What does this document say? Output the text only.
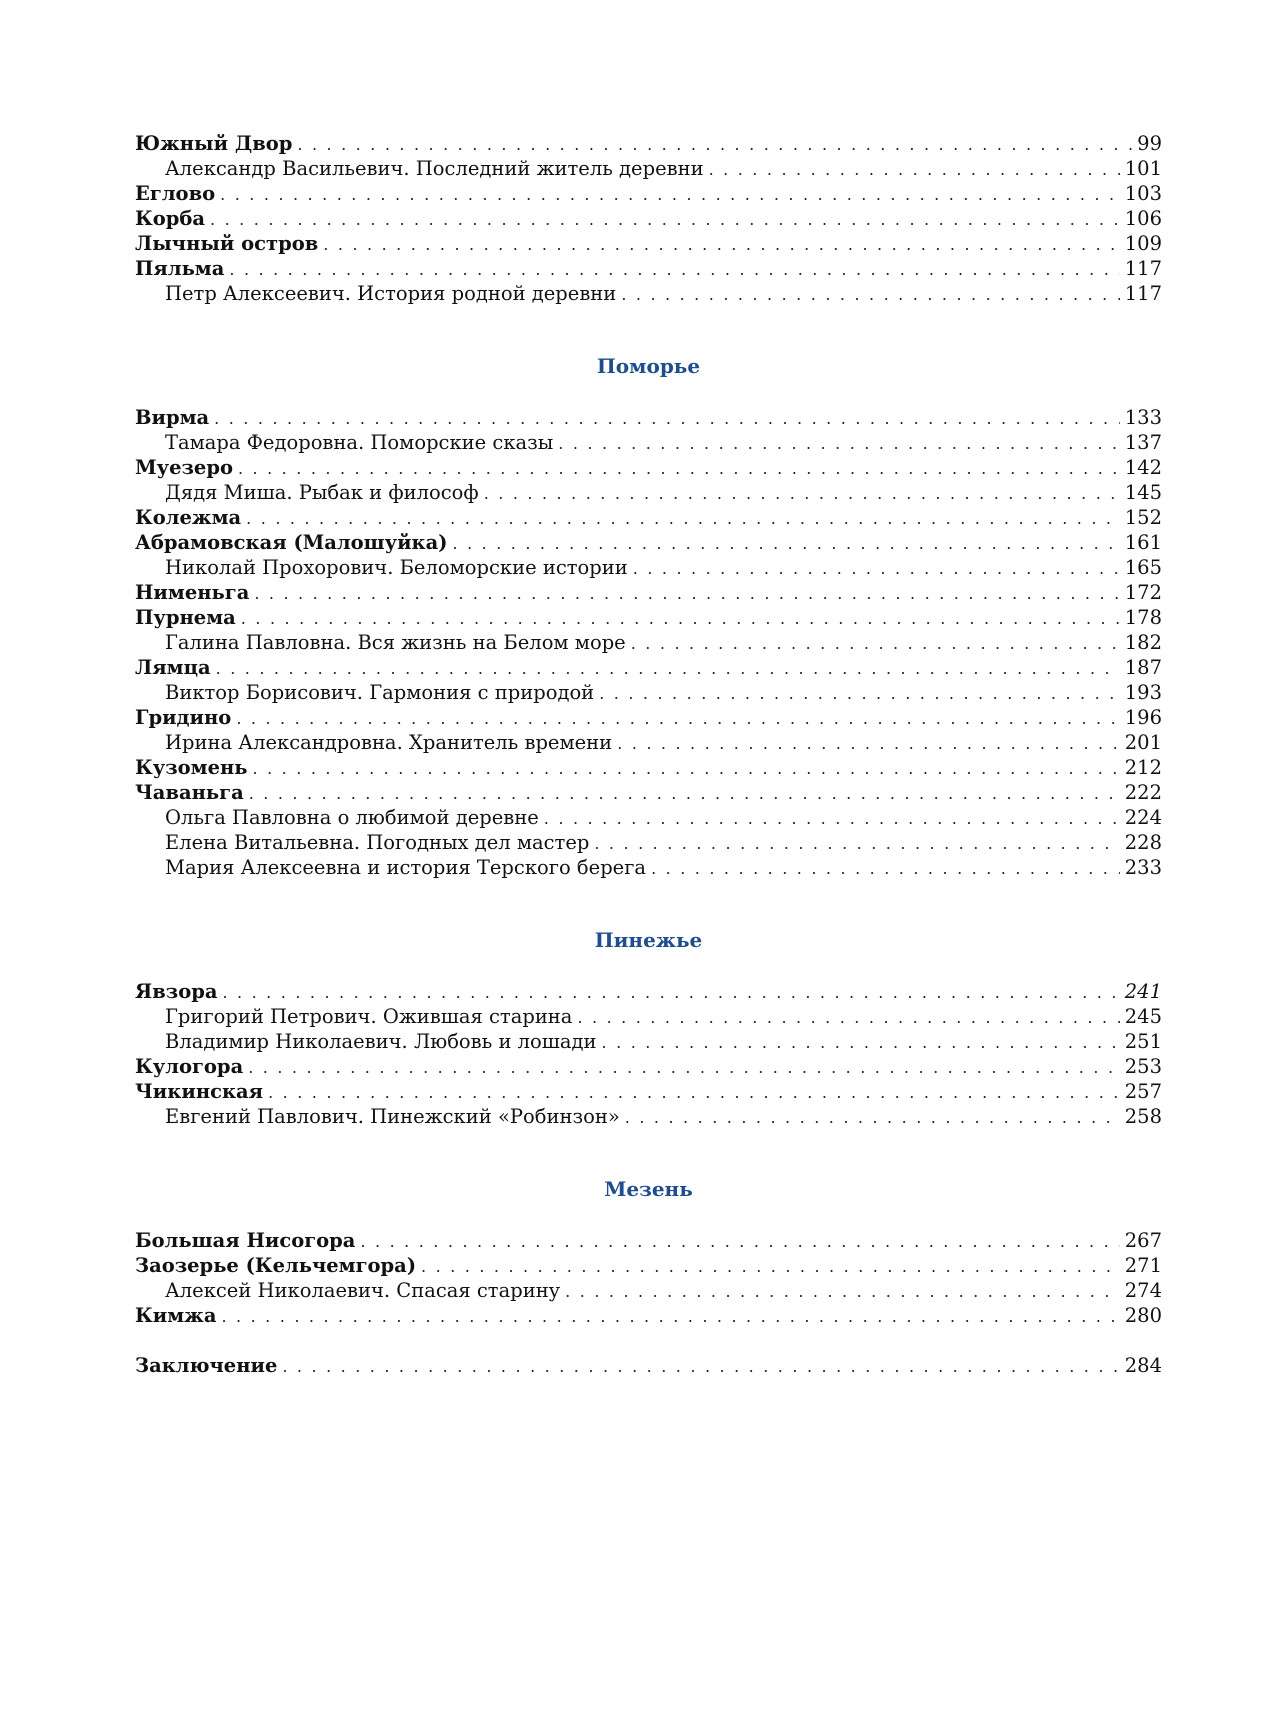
Южный Двор . . .	99
Александр Васильевич. Последний житель деревни . . .	101
Еглово . . .	103
Корба . . .	106
Лычный остров . . .	109
Пяльма . . .	117
Петр Алексеевич. История родной деревни . . .	117
Поморье
Вирма . . .	133
Тамара Федоровна. Поморские сказы . . .	137
Муезеро . . .	142
Дядя Миша. Рыбак и философ . . .	145
Колежма . . .	152
Абрамовская (Малошуйка) . . .	161
Николай Прохорович. Беломорские истории . . .	165
Нименьга . . .	172
Пурнема . . .	178
Галина Павловна. Вся жизнь на Белом море . . .	182
Лямца . . .	187
Виктор Борисович. Гармония с природой . . .	193
Гридино . . .	196
Ирина Александровна. Хранитель времени . . .	201
Кузомень . . .	212
Чаваньга . . .	222
Ольга Павловна о любимой деревне . . .	224
Елена Витальевна. Погодных дел мастер . . .	228
Мария Алексеевна и история Терского берега . . .	233
Пинежье
Явзора . . .	241
Григорий Петрович. Ожившая старина . . .	245
Владимир Николаевич. Любовь и лошади . . .	251
Кулогора . . .	253
Чикинская . . .	257
Евгений Павлович. Пинежский «Робинзон» . . .	258
Мезень
Большая Нисогора . . .	267
Заозерье (Кельчемгора) . . .	271
Алексей Николаевич. Спасая старину . . .	274
Кимжа . . .	280
Заключение . . .	284
